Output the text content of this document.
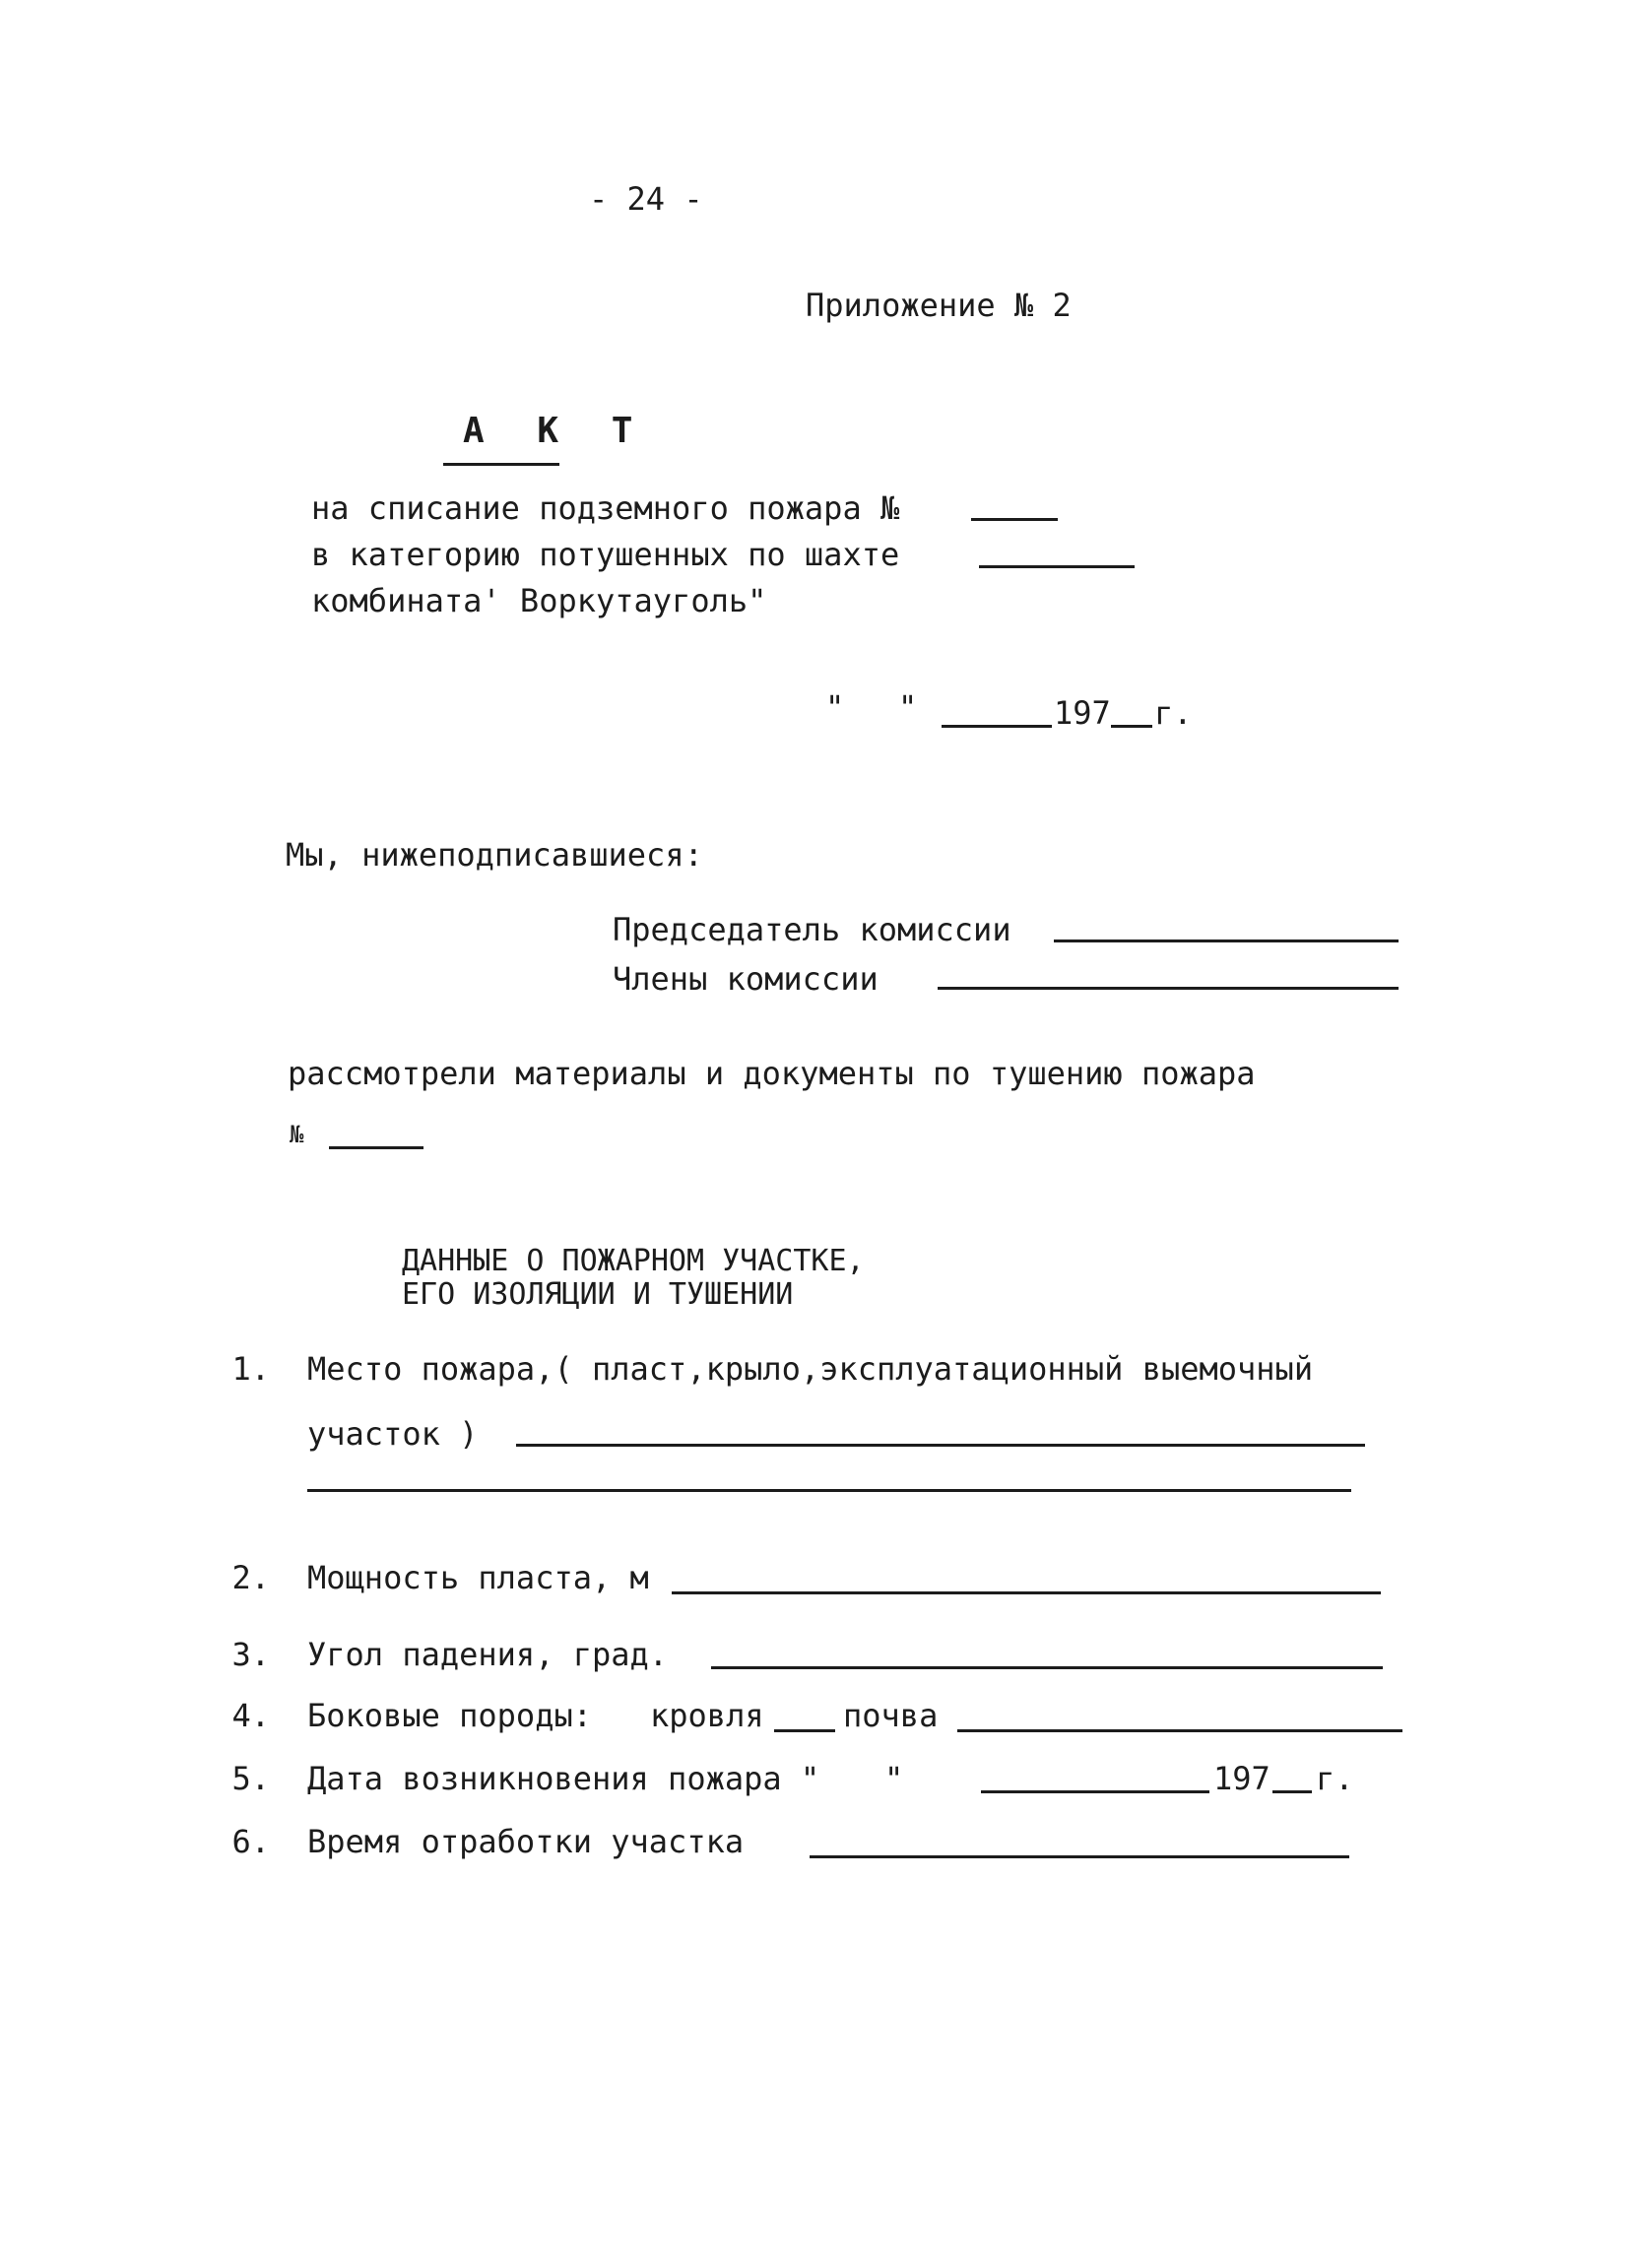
- 24 -
Приложение № 2
А К Т
на списание подземного пожара №
в категорию потушенных по шахте
комбината' Воркутауголь"
" "	197 г.
Мы, нижеподписавшиеся:
Председатель комиссии
Члены комиссии
рассмотрели материалы и документы по тушению пожара
№
ДАННЫЕ О ПОЖАРНОМ УЧАСТКЕ,
ЕГО ИЗОЛЯЦИИ И ТУШЕНИИ
1. Место пожара,( пласт,крыло,эксплуатационный выемочный
участок )
2. Мощность пласта, м
3. Угол падения, град.
4. Боковые породы: кровля	почва
5. Дата возникновения пожара " "	197 г.
6. Время отработки участка
